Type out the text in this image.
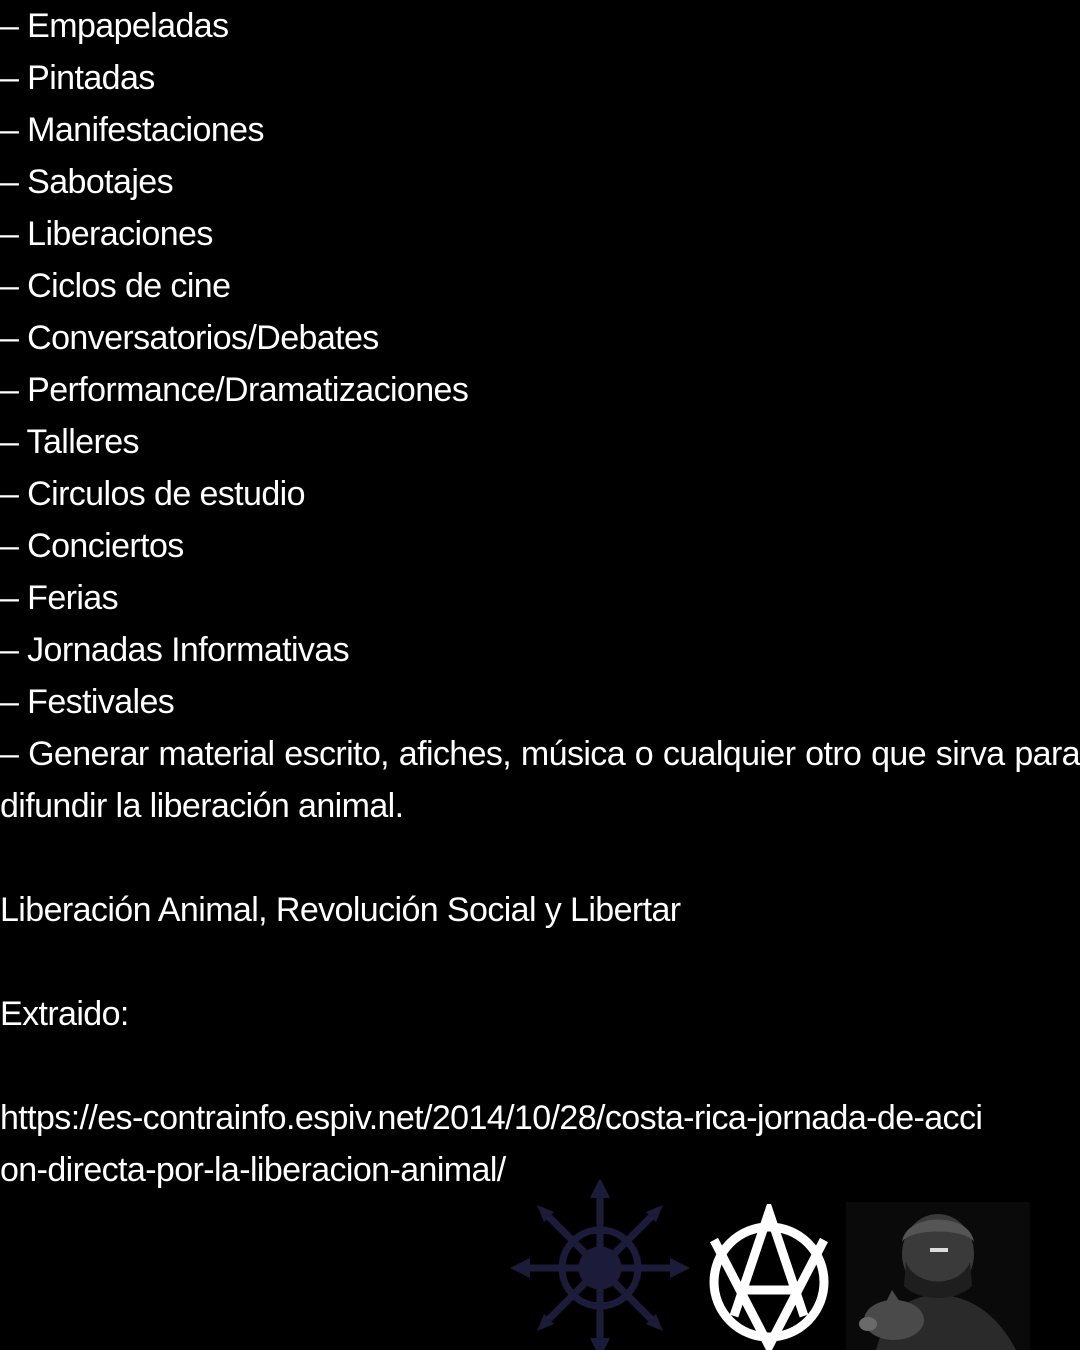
– Empapeladas
– Pintadas
– Manifestaciones
– Sabotajes
– Liberaciones
– Ciclos de cine
– Conversatorios/Debates
– Performance/Dramatizaciones
– Talleres
– Circulos de estudio
– Conciertos
– Ferias
– Jornadas Informativas
– Festivales

– Generar material escrito, afiches, música o cualquier otro que sirva para difundir la liberación animal.

Liberación Animal, Revolución Social y Libertar

Extraido:

https://es-contrainfo.espiv.net/2014/10/28/costa-rica-jornada-de-accion-directa-por-la-liberacion-animal/
